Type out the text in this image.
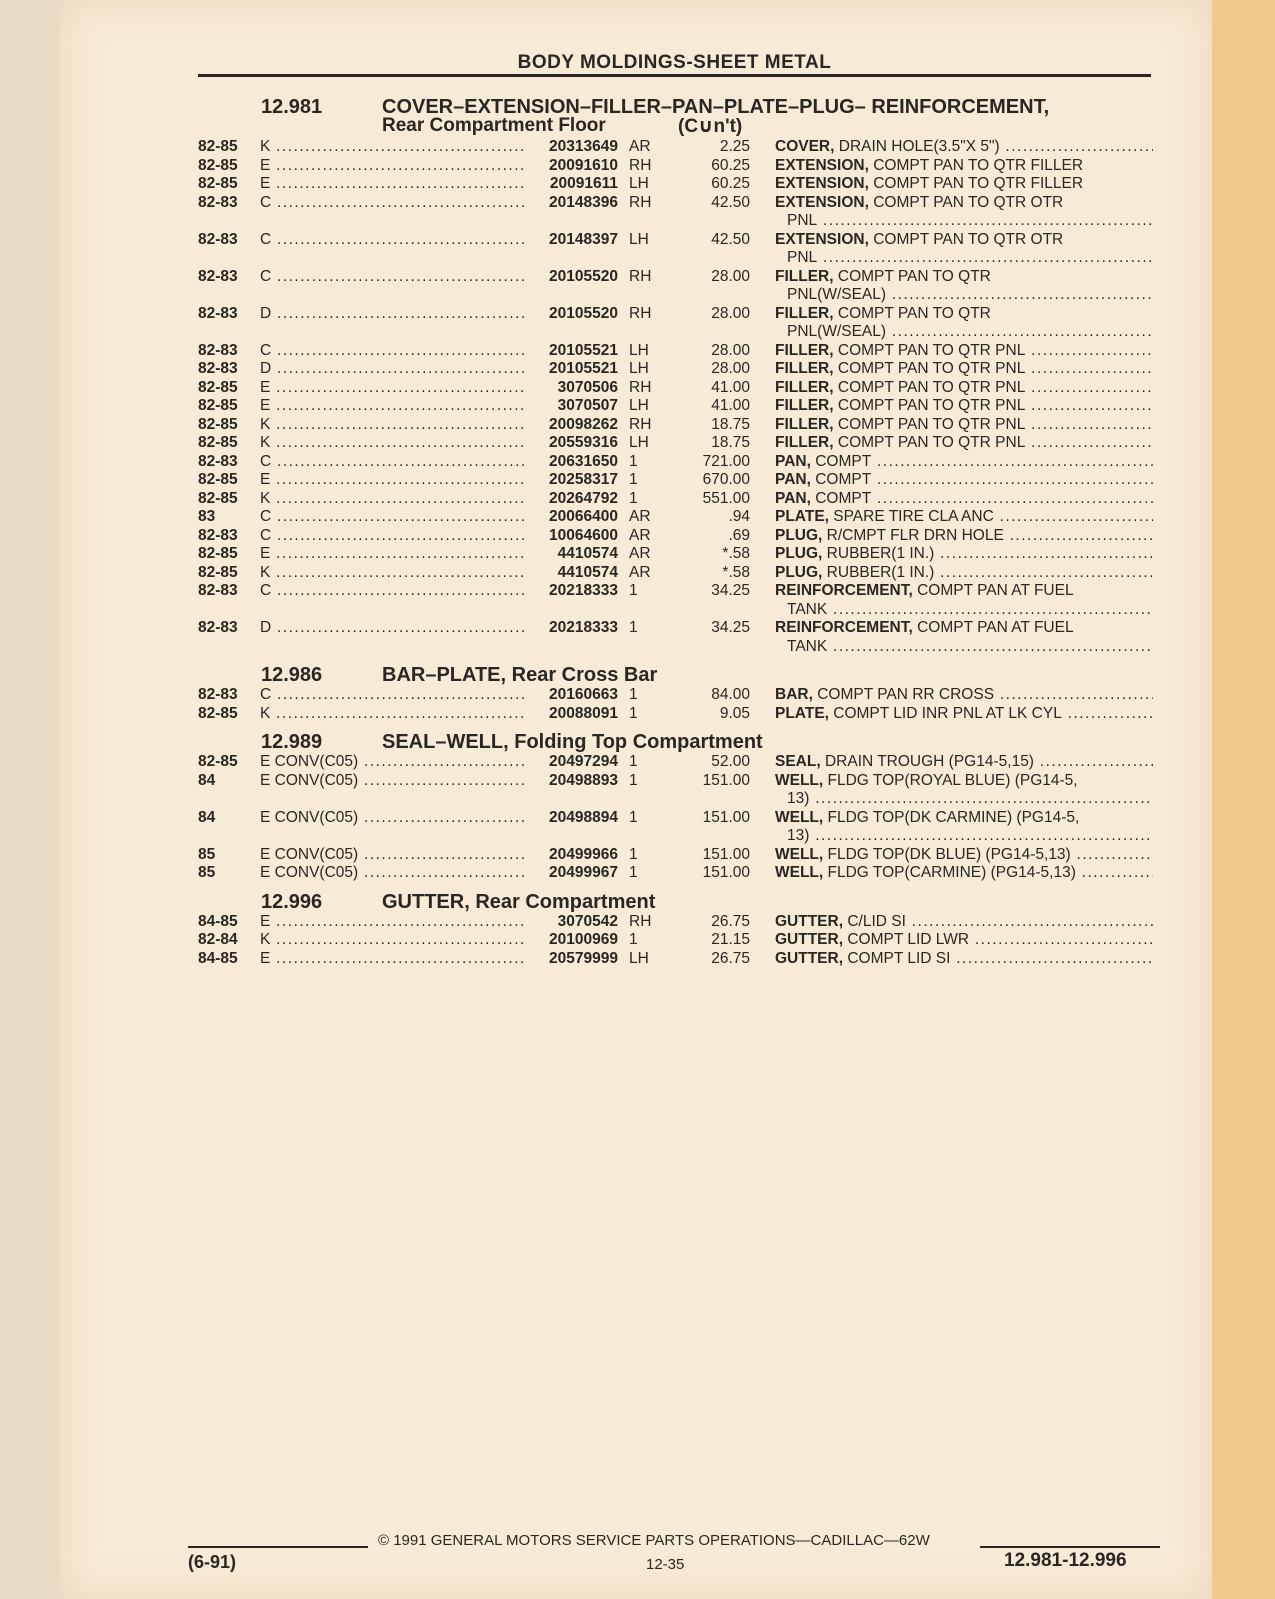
BODY MOLDINGS-SHEET METAL
12.981	COVER–EXTENSION–FILLER–PAN–PLATE–PLUG– REINFORCEMENT,
Rear Compartment Floor	(C∪n't)
82-85 K .....	20313649 AR	2.25 COVER, DRAIN HOLE(3.5"X 5") .....
82-85 E .....	20091610 RH	60.25 EXTENSION, COMPT PAN TO QTR FILLER
82-85 E .....	20091611 LH	60.25 EXTENSION, COMPT PAN TO QTR FILLER
82-83 C .....	20148396 RH	42.50 EXTENSION, COMPT PAN TO QTR OTR
PNL .....
82-83 C .....	20148397 LH	42.50 EXTENSION, COMPT PAN TO QTR OTR
PNL .....
82-83 C .....	20105520 RH	28.00 FILLER, COMPT PAN TO QTR
PNL(W/SEAL) .....
82-83 D .....	20105520 RH	28.00 FILLER, COMPT PAN TO QTR
PNL(W/SEAL) .....
82-83 C .....	20105521 LH	28.00 FILLER, COMPT PAN TO QTR PNL .....
82-83 D .....	20105521 LH	28.00 FILLER, COMPT PAN TO QTR PNL .....
82-85 E .....	3070506 RH	41.00 FILLER, COMPT PAN TO QTR PNL .....
82-85 E .....	3070507 LH	41.00 FILLER, COMPT PAN TO QTR PNL .....
82-85 K .....	20098262 RH	18.75 FILLER, COMPT PAN TO QTR PNL .....
82-85 K .....	20559316 LH	18.75 FILLER, COMPT PAN TO QTR PNL .....
82-83 C .....	20631650 1	721.00 PAN, COMPT .....
82-85 E .....	20258317 1	670.00 PAN, COMPT .....
82-85 K .....	20264792 1	551.00 PAN, COMPT .....
83	C .....	20066400 AR	.94 PLATE, SPARE TIRE CLA ANC .....
82-83 C .....	10064600 AR	.69 PLUG, R/CMPT FLR DRN HOLE .....
82-85 E .....	4410574 AR	*.58 PLUG, RUBBER(1 IN.) .....
82-85 K .....	4410574 AR	*.58 PLUG, RUBBER(1 IN.) .....
82-83 C .....	20218333 1	34.25 REINFORCEMENT, COMPT PAN AT FUEL
TANK .....
82-83 D .....	20218333 1	34.25 REINFORCEMENT, COMPT PAN AT FUEL
TANK .....
12.986	BAR–PLATE, Rear Cross Bar
82-83 C .....	20160663 1	84.00 BAR, COMPT PAN RR CROSS .....
82-85 K .....	20088091 1	9.05 PLATE, COMPT LID INR PNL AT LK CYL .....
12.989	SEAL–WELL, Folding Top Compartment
82-85 E CONV(C05) .....	20497294 1	52.00 SEAL, DRAIN TROUGH (PG14-5,15) .....
84	E CONV(C05) .....	20498893 1	151.00 WELL, FLDG TOP(ROYAL BLUE) (PG14-5,
13) .....
84	E CONV(C05) .....	20498894 1	151.00 WELL, FLDG TOP(DK CARMINE) (PG14-5,
13) .....
85	E CONV(C05) .....	20499966 1	151.00 WELL, FLDG TOP(DK BLUE) (PG14-5,13) .....
85	E CONV(C05) .....	20499967 1	151.00 WELL, FLDG TOP(CARMINE) (PG14-5,13) .....
12.996	GUTTER, Rear Compartment
84-85 E .....	3070542 RH	26.75 GUTTER, C/LID SI .....
82-84 K .....	20100969 1	21.15 GUTTER, COMPT LID LWR .....
84-85 E .....	20579999 LH	26.75 GUTTER, COMPT LID SI .....
© 1991 GENERAL MOTORS SERVICE PARTS OPERATIONS—CADILLAC—62W
(6-91)	12-35	12.981-12.996
